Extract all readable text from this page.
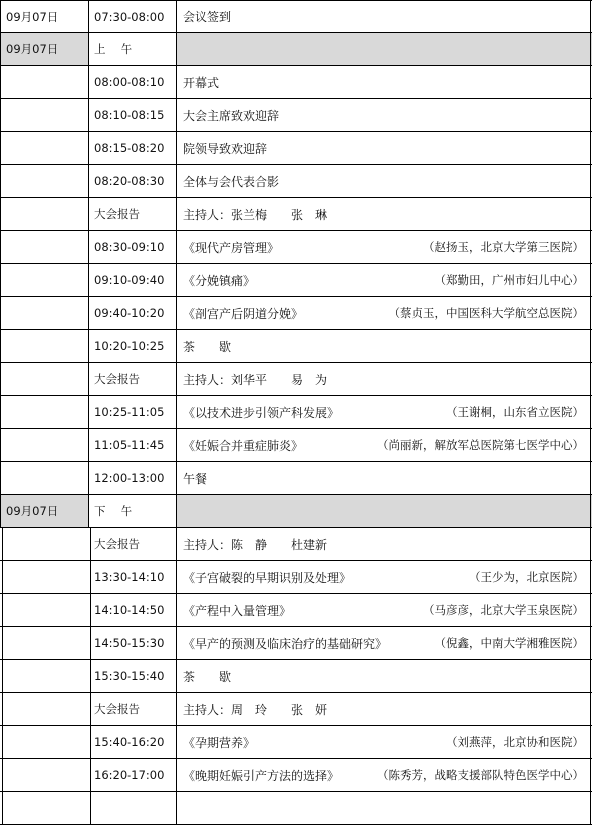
09月07日	07:30-08:00	会议签到
09月07日	上 午
08:00-08:10	开幕式
08:10-08:15	大会主席致欢迎辞
08:15-08:20	院领导致欢迎辞
08:20-08:30	全体与会代表合影
大会报告	主持人：张兰梅　　张　琳
08:30-09:10	《现代产房管理》	（赵扬玉，北京大学第三医院）
09:10-09:40	《分娩镇痛》	（郑勤田，广州市妇儿中心）
09:40-10:20	《剖宫产后阴道分娩》	（蔡贞玉，中国医科大学航空总医院）
10:20-10:25	茶　　歇
大会报告	主持人：刘华平　　易　为
10:25-11:05	《以技术进步引领产科发展》	（王谢桐，山东省立医院）
11:05-11:45	《妊娠合并重症肺炎》	（尚丽新，解放军总医院第七医学中心）
12:00-13:00	午餐
09月07日	下 午
大会报告	主持人：陈　静　　杜建新
13:30-14:10	《子宫破裂的早期识别及处理》	（王少为，北京医院）
14:10-14:50	《产程中入量管理》	（马彦彦，北京大学玉泉医院）
14:50-15:30	《早产的预测及临床治疗的基础研究》	（倪鑫，中南大学湘雅医院）
15:30-15:40	茶　　歇
大会报告	主持人：周　玲　　张　妍
15:40-16:20	《孕期营养》	（刘燕萍，北京协和医院）
16:20-17:00	《晚期妊娠引产方法的选择》	（陈秀芳，战略支援部队特色医学中心）
